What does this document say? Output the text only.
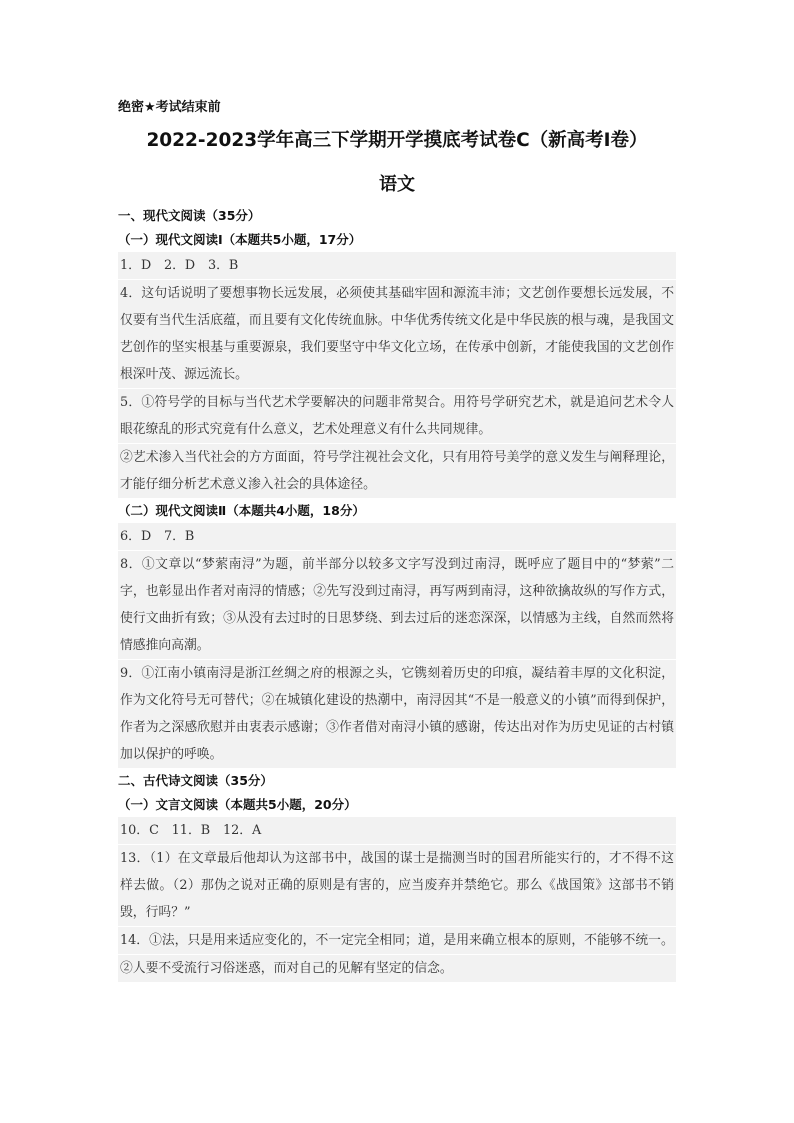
绝密★考试结束前
2022-2023学年高三下学期开学摸底考试卷C（新高考Ⅰ卷）
语文
一、现代文阅读（35分）
（一）现代文阅读Ⅰ（本题共5小题，17分）
1．D　2．D　3．B
4．这句话说明了要想事物长远发展，必须使其基础牢固和源流丰沛；文艺创作要想长远发展，不仅要有当代生活底蕴，而且要有文化传统血脉。中华优秀传统文化是中华民族的根与魂，是我国文艺创作的坚实根基与重要源泉，我们要坚守中华文化立场，在传承中创新，才能使我国的文艺创作根深叶茂、源远流长。
5．①符号学的目标与当代艺术学要解决的问题非常契合。用符号学研究艺术，就是追问艺术令人眼花缭乱的形式究竟有什么意义，艺术处理意义有什么共同规律。
②艺术渗入当代社会的方方面面，符号学注视社会文化，只有用符号美学的意义发生与阐释理论，才能仔细分析艺术意义渗入社会的具体途径。
（二）现代文阅读Ⅱ（本题共4小题，18分）
6．D　7．B
8．①文章以“梦萦南浔”为题，前半部分以较多文字写没到过南浔，既呼应了题目中的“梦萦”二字，也彰显出作者对南浔的情感；②先写没到过南浔，再写两到南浔，这种欲擒故纵的写作方式，使行文曲折有致；③从没有去过时的日思梦绕、到去过后的迷恋深深，以情感为主线，自然而然将情感推向高潮。
9．①江南小镇南浔是浙江丝绸之府的根源之头，它镌刻着历史的印痕，凝结着丰厚的文化积淀，作为文化符号无可替代；②在城镇化建设的热潮中，南浔因其“不是一般意义的小镇”而得到保护，作者为之深感欣慰并由衷表示感谢；③作者借对南浔小镇的感谢，传达出对作为历史见证的古村镇加以保护的呼唤。
二、古代诗文阅读（35分）
（一）文言文阅读（本题共5小题，20分）
10．C　11．B　12．A
13．（1）在文章最后他却认为这部书中，战国的谋士是揣测当时的国君所能实行的，才不得不这样去做。（2）那伪之说对正确的原则是有害的，应当废弃并禁绝它。那么《战国策》这部书不销毁，行吗？”
14．①法，只是用来适应变化的，不一定完全相同；道，是用来确立根本的原则，不能够不统一。
②人要不受流行习俗迷惑，而对自己的见解有坚定的信念。
